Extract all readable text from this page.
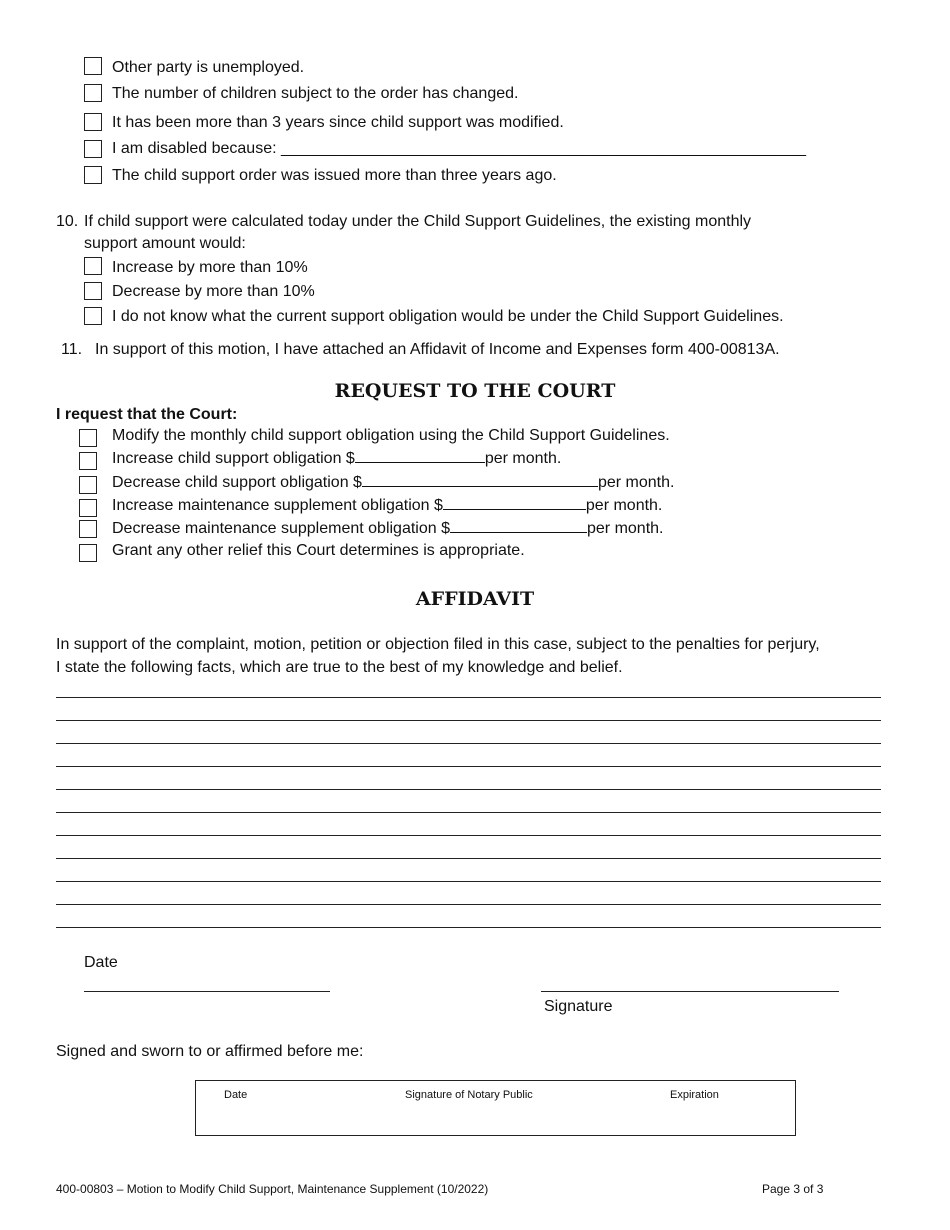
Other party is unemployed.
The number of children subject to the order has changed.
It has been more than 3 years since child support was modified.
I am disabled because: ___________________________________________________________
The child support order was issued more than three years ago.
10. If child support were calculated today under the Child Support Guidelines, the existing monthly
support amount would:
Increase by more than 10%
Decrease by more than 10%
I do not know what the current support obligation would be under the Child Support Guidelines.
11. In support of this motion, I have attached an Affidavit of Income and Expenses form 400-00813A.
REQUEST TO THE COURT
I request that the Court:
Modify the monthly child support obligation using the Child Support Guidelines.
Increase child support obligation $	per month.
Decrease child support obligation $	per month.
Increase maintenance supplement obligation $	per month.
Decrease maintenance supplement obligation $	per month.
Grant any other relief this Court determines is appropriate.
AFFIDAVIT
In support of the complaint, motion, petition or objection filed in this case, subject to the penalties for perjury,
I state the following facts, which are true to the best of my knowledge and belief.
Date
Signature
Signed and sworn to or affirmed before me:
Date	Signature of Notary Public	Expiration
400-00803 – Motion to Modify Child Support, Maintenance Supplement (10/2022)	Page 3 of 3
